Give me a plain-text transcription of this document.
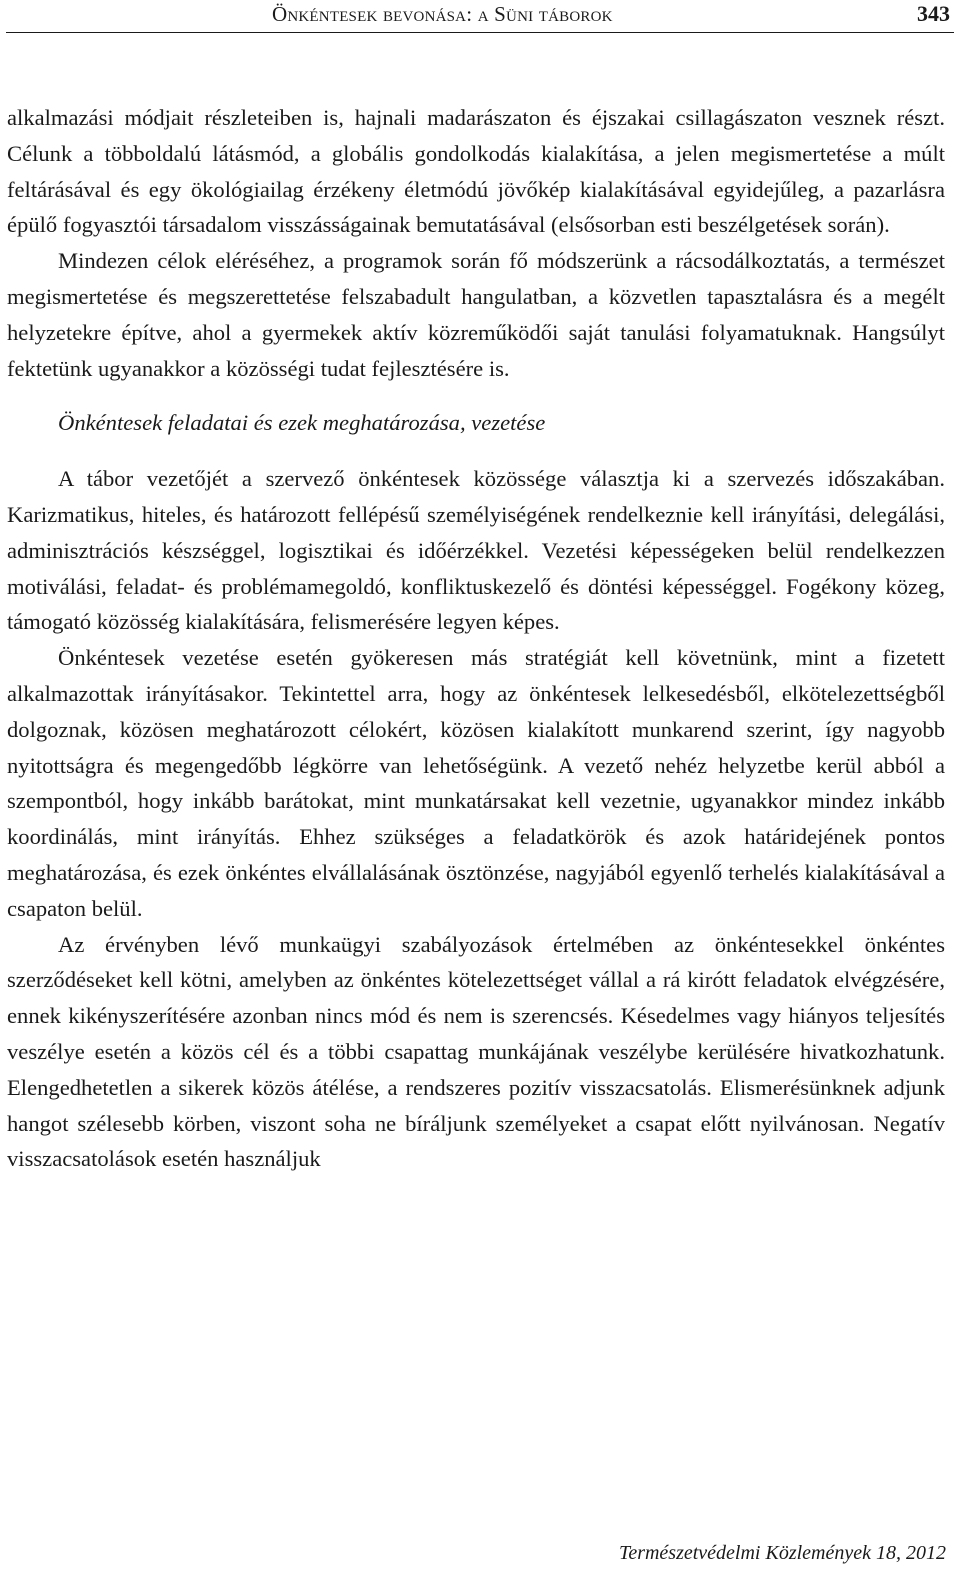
Önkéntesek bevonása: a Süni táborok	343

alkalmazási módjait részleteiben is, hajnali madarászaton és éjszakai csillagászaton vesznek részt. Célunk a többoldalú látásmód, a globális gondolkodás kialakítása, a jelen megismertetése a múlt feltárásával és egy ökológiailag érzékeny életmódú jövőkép kialakításával egyidejűleg, a pazarlásra épülő fogyasztói társadalom visszásságainak bemutatásával (elsősorban esti beszélgetések során).

Mindezen célok eléréséhez, a programok során fő módszerünk a rácsodálkoztatás, a természet megismertetése és megszerettetése felszabadult hangulatban, a közvetlen tapasztalásra és a megélt helyzetekre építve, ahol a gyermekek aktív közreműködői saját tanulási folyamatuknak. Hangsúlyt fektetünk ugyanakkor a közösségi tudat fejlesztésére is.

Önkéntesek feladatai és ezek meghatározása, vezetése

A tábor vezetőjét a szervező önkéntesek közössége választja ki a szervezés időszakában. Karizmatikus, hiteles, és határozott fellépésű személyiségének rendelkeznie kell irányítási, delegálási, adminisztrációs készséggel, logisztikai és időérzékkel. Vezetési képességeken belül rendelkezzen motiválási, feladat- és problémamegoldó, konfliktuskezelő és döntési képességgel. Fogékony közeg, támogató közösség kialakítására, felismerésére legyen képes.

Önkéntesek vezetése esetén gyökeresen más stratégiát kell követnünk, mint a fizetett alkalmazottak irányításakor. Tekintettel arra, hogy az önkéntesek lelkesedésből, elkötelezettségből dolgoznak, közösen meghatározott célokért, közösen kialakított munkarend szerint, így nagyobb nyitottságra és megengedőbb légkörre van lehetőségünk. A vezető nehéz helyzetbe kerül abból a szempontból, hogy inkább barátokat, mint munkatársakat kell vezetnie, ugyanakkor mindez inkább koordinálás, mint irányítás. Ehhez szükséges a feladatkörök és azok határidejének pontos meghatározása, és ezek önkéntes elvállalásának ösztönzése, nagyjából egyenlő terhelés kialakításával a csapaton belül.

Az érvényben lévő munkaügyi szabályozások értelmében az önkéntesekkel önkéntes szerződéseket kell kötni, amelyben az önkéntes kötelezettséget vállal a rá kirótt feladatok elvégzésére, ennek kikényszerítésére azonban nincs mód és nem is szerencsés. Késedelmes vagy hiányos teljesítés veszélye esetén a közös cél és a többi csapattag munkájának veszélybe kerülésére hivatkozhatunk. Elengedhetetlen a sikerek közös átélése, a rendszeres pozitív visszacsatolás. Elismerésünknek adjunk hangot szélesebb körben, viszont soha ne bíráljunk személyeket a csapat előtt nyilvánosan. Negatív visszacsatolások esetén használjuk

Természetvédelmi Közlemények 18, 2012
